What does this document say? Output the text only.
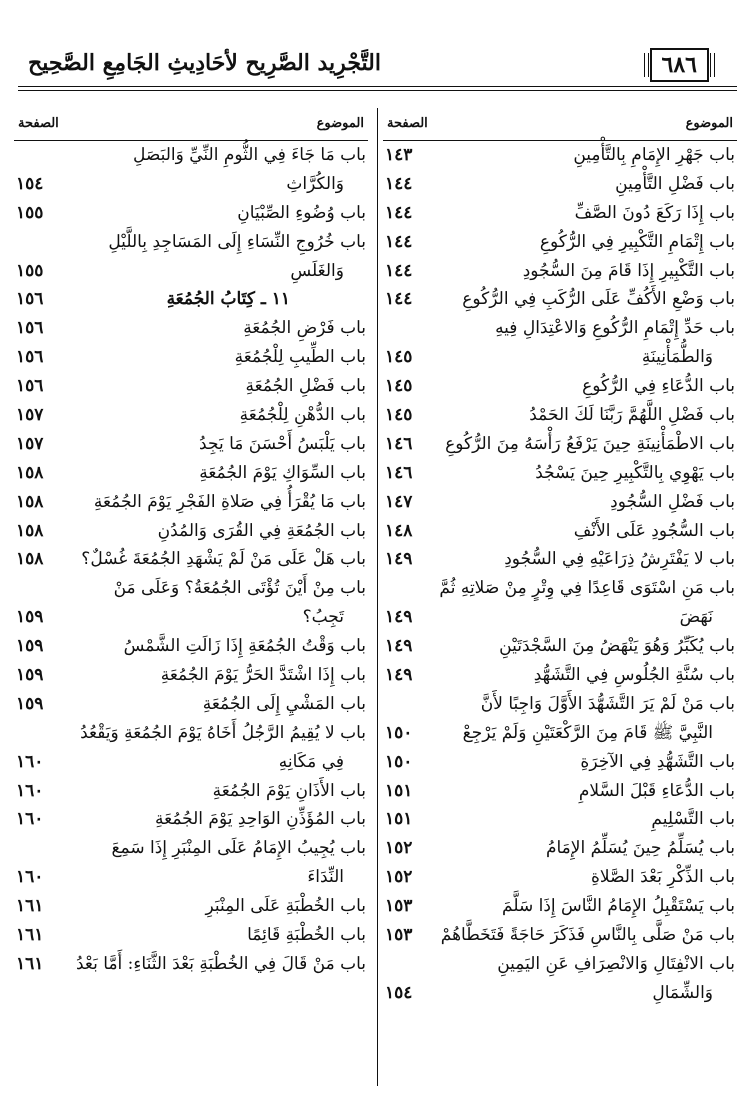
التَّجْرِيد الصَّرِيح لأحَادِيثِ الجَامِعِ الصَّحِيح	٦٨٦
الموضوع
الصفحة
باب جَهْرِ الإِمَامِ بِالتَّأْمِينِ
١٤٣
باب فَضْلِ التَّأْمِينِ
١٤٤
باب إِذَا رَكَعَ دُونَ الصَّفِّ
١٤٤
باب إِتْمَامِ التَّكْبِيرِ فِي الرُّكُوعِ
١٤٤
باب التَّكْبِيرِ إِذَا قَامَ مِنَ السُّجُودِ
١٤٤
باب وَضْعِ الأَكُفِّ عَلَى الرُّكَبِ فِي الرُّكُوعِ
١٤٤
باب حَدِّ إِتْمَامِ الرُّكُوعِ وَالاعْتِدَالِ فِيهِ
وَالطُّمَأْنِينَةِ
١٤٥
باب الدُّعَاءِ فِي الرُّكُوعِ
١٤٥
باب فَضْلِ اللَّهُمَّ رَبَّنَا لَكَ الحَمْدُ
١٤٥
باب الاطْمَأْنِينَةِ حِينَ يَرْفَعُ رَأْسَهُ مِنَ الرُّكُوعِ
١٤٦
باب يَهْوِي بِالتَّكْبِيرِ حِينَ يَسْجُدُ
١٤٦
باب فَضْلِ السُّجُودِ
١٤٧
باب السُّجُودِ عَلَى الأَنْفِ
١٤٨
باب لا يَفْتَرِشُ ذِرَاعَيْهِ فِي السُّجُودِ
١٤٩
باب مَنِ اسْتَوَى قَاعِدًا فِي وِتْرٍ مِنْ صَلاتِهِ ثُمَّ
نَهَضَ
١٤٩
باب يُكَبِّرُ وَهُوَ يَنْهَضُ مِنَ السَّجْدَتَيْنِ
١٤٩
باب سُنَّةِ الجُلُوسِ فِي التَّشَهُّدِ
١٤٩
باب مَنْ لَمْ يَرَ التَّشَهُّدَ الأَوَّلَ وَاجِبًا لأَنَّ
النَّبِيَّ ﷺ قَامَ مِنَ الرَّكْعَتَيْنِ وَلَمْ يَرْجِعْ
١٥٠
باب التَّشَهُّدِ فِي الآخِرَةِ
١٥٠
باب الدُّعَاءِ قَبْلَ السَّلامِ
١٥١
باب التَّسْلِيمِ
١٥١
باب يُسَلِّمُ حِينَ يُسَلِّمُ الإِمَامُ
١٥٢
باب الذِّكْرِ بَعْدَ الصَّلاةِ
١٥٢
باب يَسْتَقْبِلُ الإِمَامُ النَّاسَ إِذَا سَلَّمَ
١٥٣
باب مَنْ صَلَّى بِالنَّاسِ فَذَكَرَ حَاجَةً فَتَخَطَّاهُمْ
١٥٣
باب الانْفِتَالِ وَالانْصِرَافِ عَنِ اليَمِينِ
وَالشِّمَالِ
١٥٤
الموضوع
الصفحة
باب مَا جَاءَ فِي الثُّومِ النِّيِّ وَالبَصَلِ
وَالكُرَّاثِ
١٥٤
باب وُضُوءِ الصِّبْيَانِ
١٥٥
باب خُرُوجِ النِّسَاءِ إِلَى المَسَاجِدِ بِاللَّيْلِ
وَالغَلَسِ
١٥٥
١١ ـ كِتَابُ الجُمُعَةِ
١٥٦
باب فَرْضِ الجُمُعَةِ
١٥٦
باب الطِّيبِ لِلْجُمُعَةِ
١٥٦
باب فَضْلِ الجُمُعَةِ
١٥٦
باب الدُّهْنِ لِلْجُمُعَةِ
١٥٧
باب يَلْبَسُ أَحْسَنَ مَا يَجِدُ
١٥٧
باب السِّوَاكِ يَوْمَ الجُمُعَةِ
١٥٨
باب مَا يُقْرَأُ فِي صَلاةِ الفَجْرِ يَوْمَ الجُمُعَةِ
١٥٨
باب الجُمُعَةِ فِي القُرَى وَالمُدُنِ
١٥٨
باب هَلْ عَلَى مَنْ لَمْ يَشْهَدِ الجُمُعَةَ غُسْلٌ؟
١٥٨
باب مِنْ أَيْنَ تُؤْتَى الجُمُعَةُ؟ وَعَلَى مَنْ
تَجِبُ؟
١٥٩
باب وَقْتُ الجُمُعَةِ إِذَا زَالَتِ الشَّمْسُ
١٥٩
باب إِذَا اشْتَدَّ الحَرُّ يَوْمَ الجُمُعَةِ
١٥٩
باب المَشْيِ إِلَى الجُمُعَةِ
١٥٩
باب لا يُقِيمُ الرَّجُلُ أَخَاهُ يَوْمَ الجُمُعَةِ وَيَقْعُدُ
فِي مَكَانِهِ
١٦٠
باب الأَذَانِ يَوْمَ الجُمُعَةِ
١٦٠
باب المُؤَذِّنِ الوَاحِدِ يَوْمَ الجُمُعَةِ
١٦٠
باب يُجِيبُ الإِمَامُ عَلَى المِنْبَرِ إِذَا سَمِعَ
النِّدَاءَ
١٦٠
باب الخُطْبَةِ عَلَى المِنْبَرِ
١٦١
باب الخُطْبَةِ قَائِمًا
١٦١
باب مَنْ قَالَ فِي الخُطْبَةِ بَعْدَ الثَّنَاءِ: أَمَّا بَعْدُ
١٦١
